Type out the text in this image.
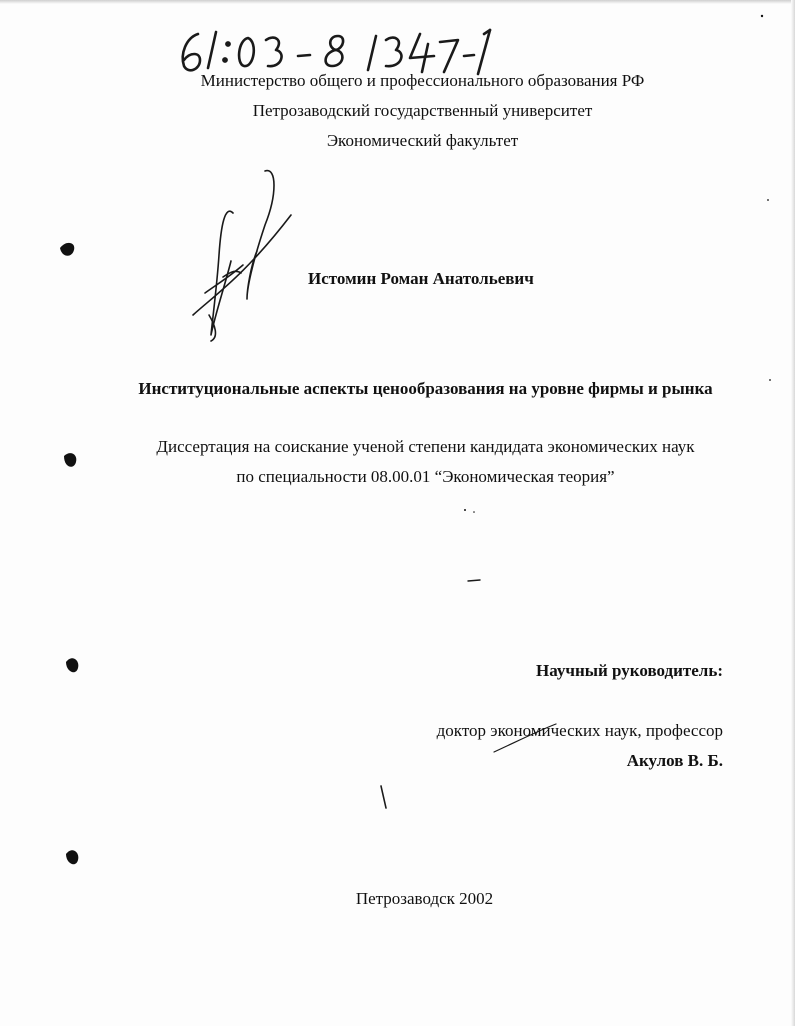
Министерство общего и профессионального образования РФ
Петрозаводский государственный университет
Экономический факультет
Истомин Роман Анатольевич
Институциональные аспекты ценообразования на уровне фирмы и рынка
Диссертация на соискание ученой степени кандидата экономических наук
по специальности 08.00.01 “Экономическая теория”
Научный руководитель:
доктор экономических наук, профессор
Акулов В. Б.
Петрозаводск 2002
